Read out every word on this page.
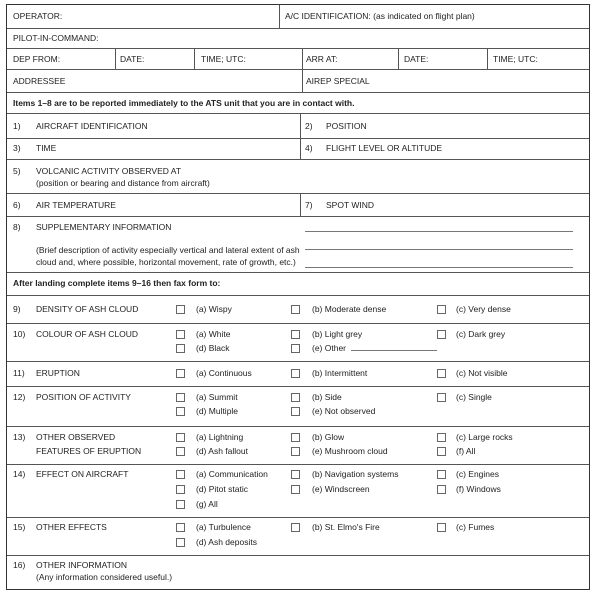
OPERATOR:	A/C IDENTIFICATION: (as indicated on flight plan)
PILOT-IN-COMMAND:
DEP FROM:	DATE:	TIME; UTC:	ARR AT:	DATE:	TIME; UTC:
ADDRESSEE	AIREP SPECIAL
Items 1–8 are to be reported immediately to the ATS unit that you are in contact with.
1) AIRCRAFT IDENTIFICATION	2) POSITION
3) TIME	4) FLIGHT LEVEL OR ALTITUDE
5) VOLCANIC ACTIVITY OBSERVED AT
(position or bearing and distance from aircraft)
6) AIR TEMPERATURE	7) SPOT WIND
8) SUPPLEMENTARY INFORMATION
(Brief description of activity especially vertical and lateral extent of ash
cloud and, where possible, horizontal movement, rate of growth, etc.)
After landing complete items 9–16 then fax form to:
9) DENSITY OF ASH CLOUD	(a) Wispy	(b) Moderate dense	(c) Very dense
10) COLOUR OF ASH CLOUD	(a) White	(b) Light grey	(c) Dark grey
(d) Black	(e) Other
11) ERUPTION	(a) Continuous	(b) Intermittent	(c) Not visible
12) POSITION OF ACTIVITY	(a) Summit	(b) Side	(c) Single
(d) Multiple	(e) Not observed
13) OTHER OBSERVED
FEATURES OF ERUPTION
(a) Lightning	(b) Glow	(c) Large rocks
(d) Ash fallout	(e) Mushroom cloud	(f) All
14) EFFECT ON AIRCRAFT	(a) Communication	(b) Navigation systems	(c) Engines
(d) Pitot static	(e) Windscreen	(f) Windows
(g) All
15) OTHER EFFECTS	(a) Turbulence	(b) St. Elmo's Fire	(c) Fumes
(d) Ash deposits
16) OTHER INFORMATION
(Any information considered useful.)
